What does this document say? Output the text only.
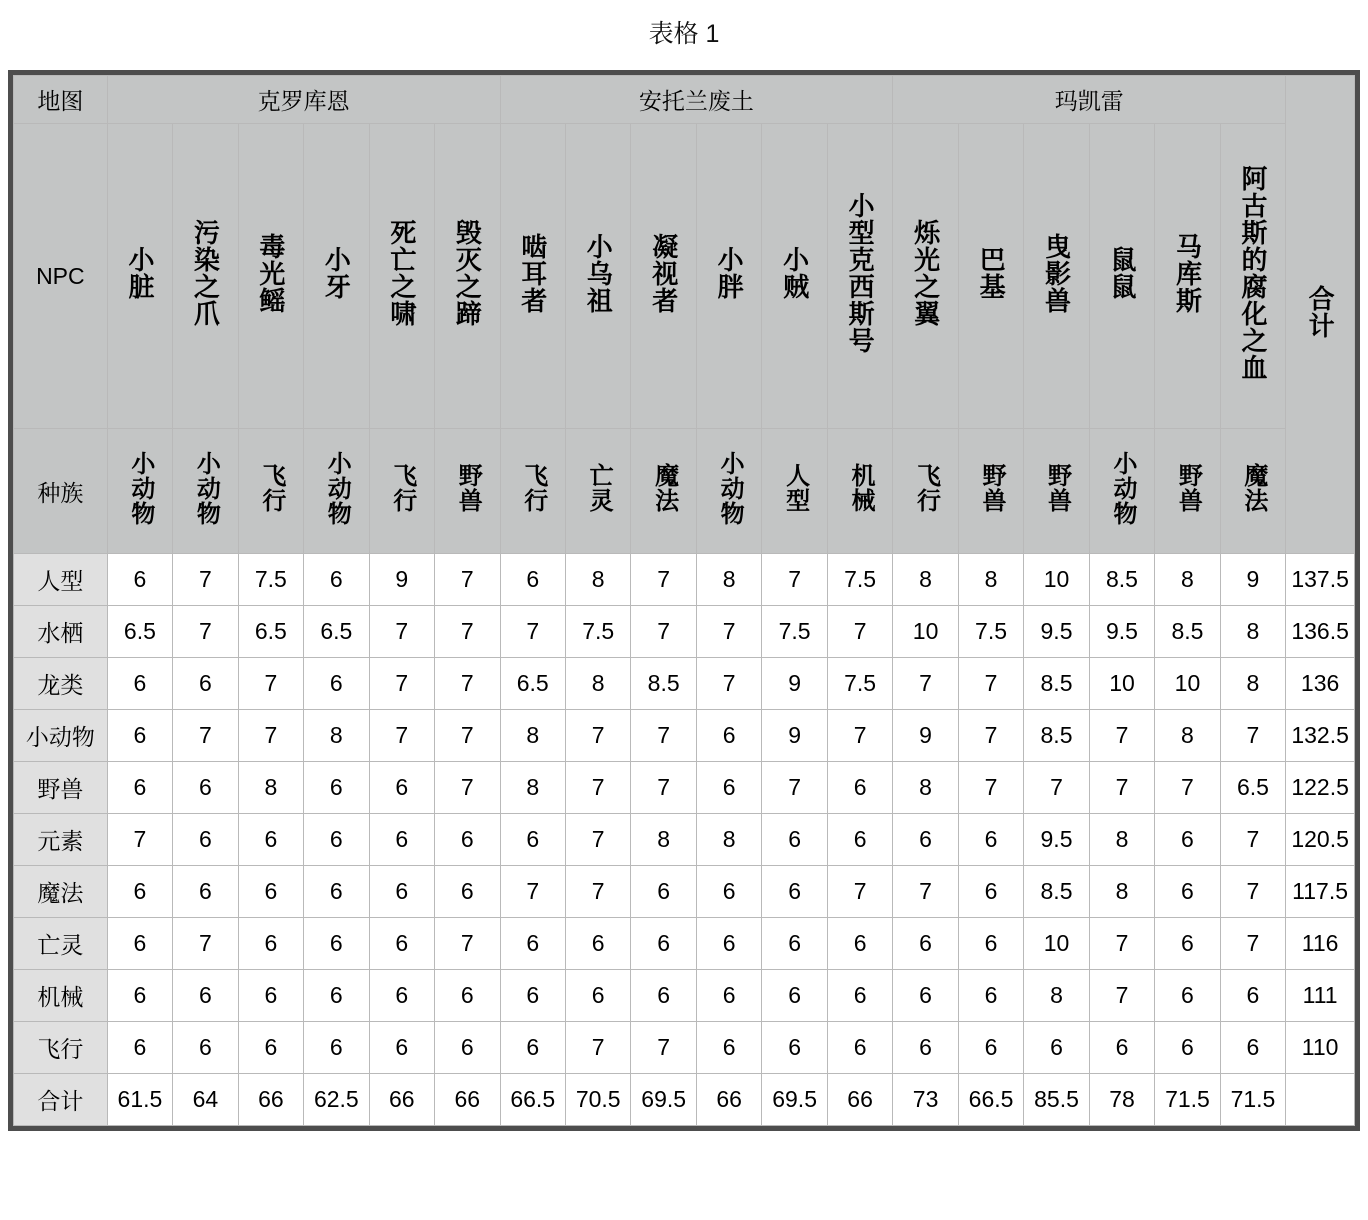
表格 1
地图	克罗库恩						安托兰废土						玛凯雷						合计
NPC	小脏	污染之爪	毒光鳐	小牙	死亡之啸	毁灭之蹄	啮耳者	小乌祖	凝视者	小胖	小贼	小型克西斯号	烁光之翼	巴基	曳影兽	鼠鼠	马库斯	阿古斯的腐化之血	
种族	小动物	小动物	飞行	小动物	飞行	野兽	飞行	亡灵	魔法	小动物	人型	机械	飞行	野兽	野兽	小动物	野兽	魔法	
人型	6	7	7.5	6	9	7	6	8	7	8	7	7.5	8	8	10	8.5	8	9	137.5
水栖	6.5	7	6.5	6.5	7	7	7	7.5	7	7	7.5	7	10	7.5	9.5	9.5	8.5	8	136.5
龙类	6	6	7	6	7	7	6.5	8	8.5	7	9	7.5	7	7	8.5	10	10	8	136
小动物	6	7	7	8	7	7	8	7	7	6	9	7	9	7	8.5	7	8	7	132.5
野兽	6	6	8	6	6	7	8	7	7	6	7	6	8	7	7	7	7	6.5	122.5
元素	7	6	6	6	6	6	6	7	8	8	6	6	6	6	9.5	8	6	7	120.5
魔法	6	6	6	6	6	6	7	7	6	6	6	7	7	6	8.5	8	6	7	117.5
亡灵	6	7	6	6	6	7	6	6	6	6	6	6	6	6	10	7	6	7	116
机械	6	6	6	6	6	6	6	6	6	6	6	6	6	6	8	7	6	6	111
飞行	6	6	6	6	6	6	6	7	7	6	6	6	6	6	6	6	6	6	110
合计	61.5	64	66	62.5	66	66	66.5	70.5	69.5	66	69.5	66	73	66.5	85.5	78	71.5	71.5	
